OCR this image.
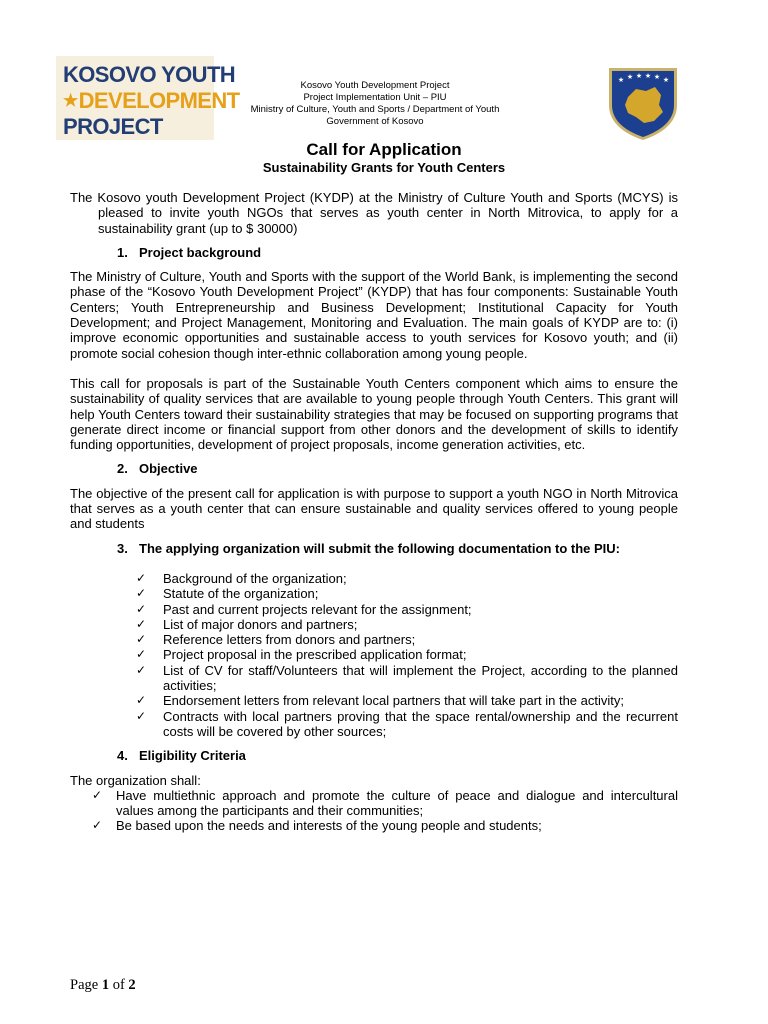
KOSOVO YOUTH
★DEVELOPMENT
PROJECT
Kosovo Youth Development Project
Project Implementation Unit – PIU
Ministry of Culture, Youth and Sports / Department of Youth
Government of Kosovo
★ ★ ★ ★ ★ ★
Call for Application
Sustainability Grants for Youth Centers

The Kosovo youth Development Project (KYDP) at the Ministry of Culture Youth and Sports (MCYS) is pleased to invite youth NGOs that serves as youth center in North Mitrovica, to apply for a sustainability grant (up to $ 30000)

1. Project background

The Ministry of Culture, Youth and Sports with the support of the World Bank, is implementing the second phase of the “Kosovo Youth Development Project” (KYDP) that has four components: Sustainable Youth Centers; Youth Entrepreneurship and Business Development; Institutional Capacity for Youth Development; and Project Management, Monitoring and Evaluation. The main goals of KYDP are to: (i) improve economic opportunities and sustainable access to youth services for Kosovo youth; and (ii) promote social cohesion though inter-ethnic collaboration among young people.

This call for proposals is part of the Sustainable Youth Centers component which aims to ensure the sustainability of quality services that are available to young people through Youth Centers. This grant will help Youth Centers toward their sustainability strategies that may be focused on supporting programs that generate direct income or financial support from other donors and the development of skills to identify funding opportunities, development of project proposals, income generation activities, etc.

2. Objective

The objective of the present call for application is with purpose to support a youth NGO in North Mitrovica that serves as a youth center that can ensure sustainable and quality services offered to young people and students

3. The applying organization will submit the following documentation to the PIU:

✓ Background of the organization;
✓ Statute of the organization;
✓ Past and current projects relevant for the assignment;
✓ List of major donors and partners;
✓ Reference letters from donors and partners;
✓ Project proposal in the prescribed application format;
✓ List of CV for staff/Volunteers that will implement the Project, according to the planned activities;
✓ Endorsement letters from relevant local partners that will take part in the activity;
✓ Contracts with local partners proving that the space rental/ownership and the recurrent costs will be covered by other sources;

4. Eligibility Criteria

The organization shall:

✓ Have multiethnic approach and promote the culture of peace and dialogue and intercultural values among the participants and their communities;
✓ Be based upon the needs and interests of the young people and students;
Page 1 of 2
